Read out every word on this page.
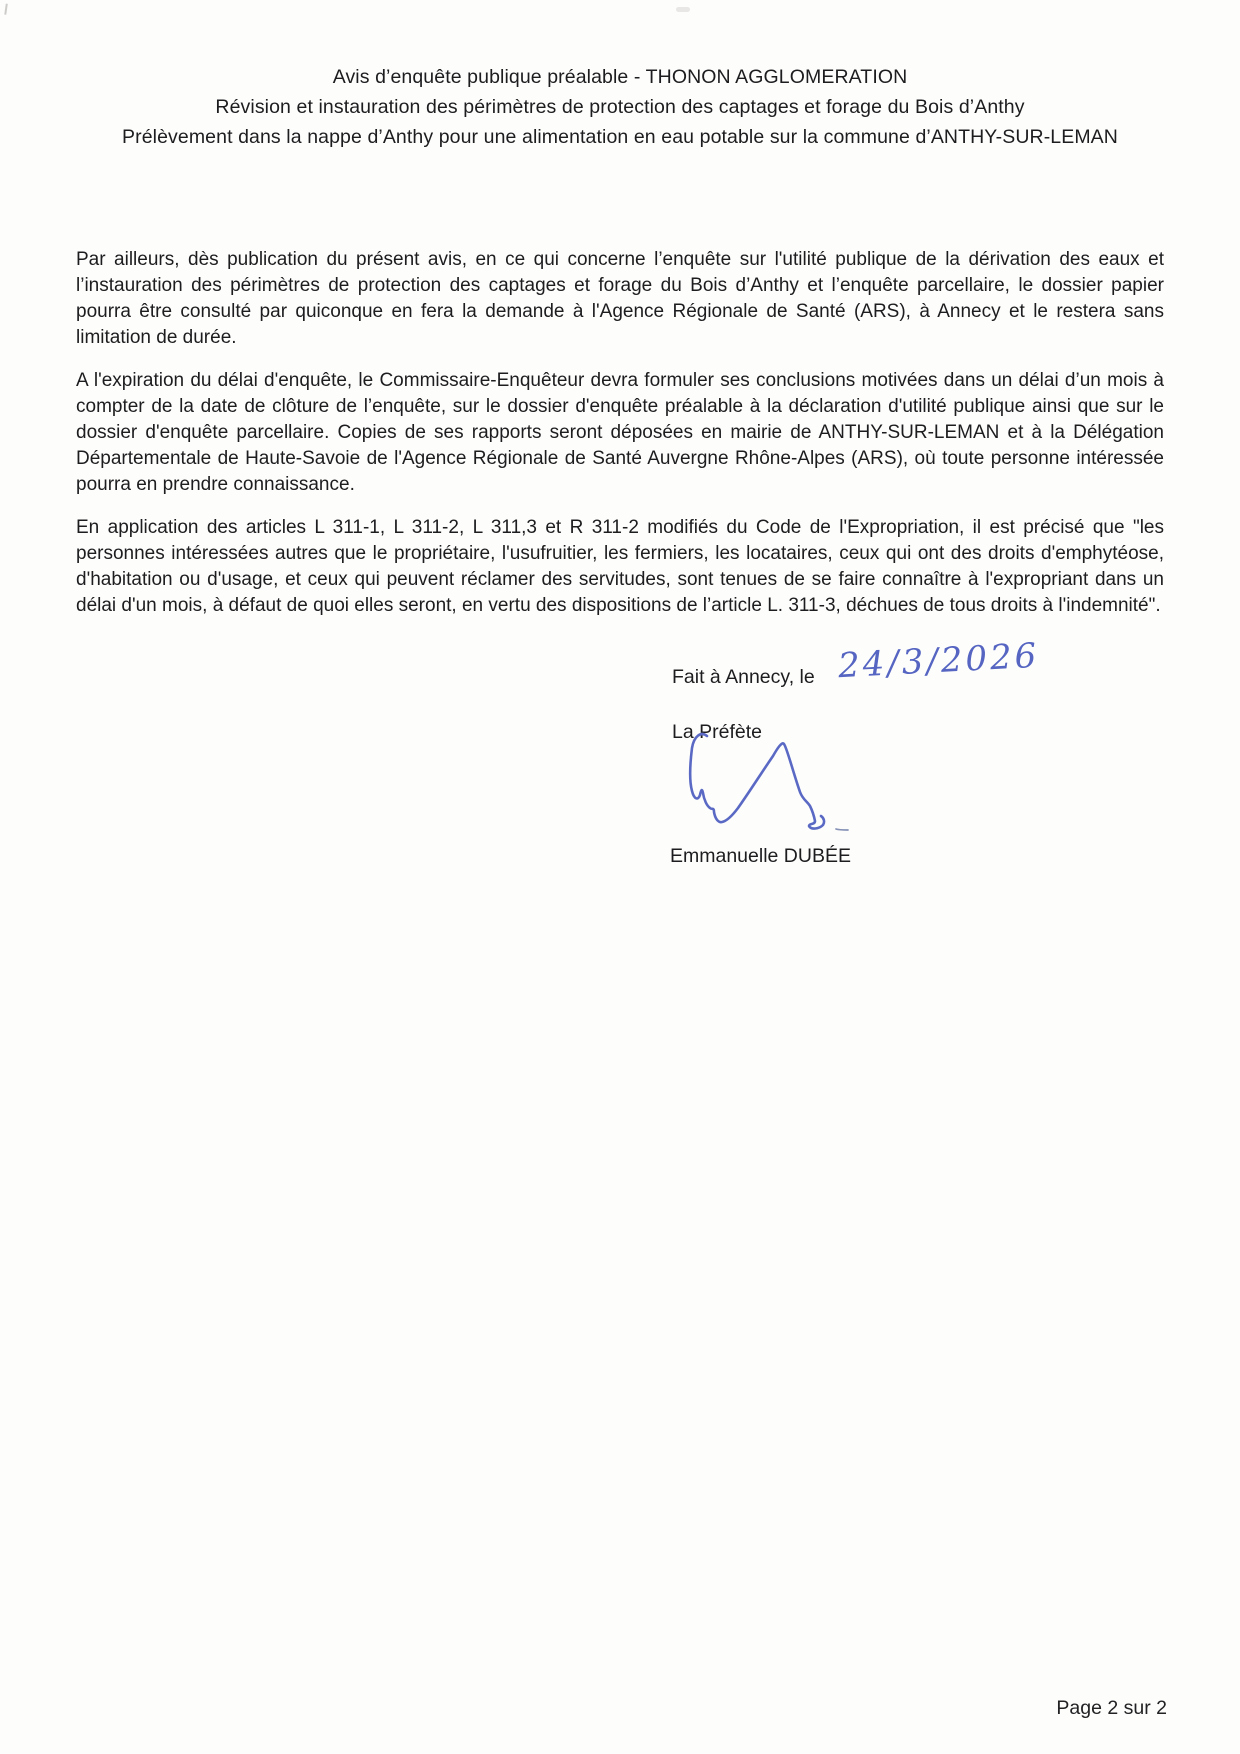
Avis d’enquête publique préalable - THONON AGGLOMERATION
Révision et instauration des périmètres de protection des captages et forage du Bois d’Anthy
Prélèvement dans la nappe d’Anthy pour une alimentation en eau potable sur la commune d’ANTHY-SUR-LEMAN

Par ailleurs, dès publication du présent avis, en ce qui concerne l’enquête sur l'utilité publique de la dérivation des eaux et l’instauration des périmètres de protection des captages et forage du Bois d’Anthy et l’enquête parcellaire, le dossier papier pourra être consulté par quiconque en fera la demande à l'Agence Régionale de Santé (ARS), à Annecy et le restera sans limitation de durée.

A l'expiration du délai d'enquête, le Commissaire-Enquêteur devra formuler ses conclusions motivées dans un délai d’un mois à compter de la date de clôture de l’enquête, sur le dossier d'enquête préalable à la déclaration d'utilité publique ainsi que sur le dossier d'enquête parcellaire. Copies de ses rapports seront déposées en mairie de ANTHY-SUR-LEMAN et à la Délégation Départementale de Haute-Savoie de l'Agence Régionale de Santé Auvergne Rhône-Alpes (ARS), où toute personne intéressée pourra en prendre connaissance.

En application des articles L 311-1, L 311-2, L 311,3 et R 311-2 modifiés du Code de l'Expropriation, il est précisé que "les personnes intéressées autres que le propriétaire, l'usufruitier, les fermiers, les locataires, ceux qui ont des droits d'emphytéose, d'habitation ou d'usage, et ceux qui peuvent réclamer des servitudes, sont tenues de se faire connaître à l'expropriant dans un délai d'un mois, à défaut de quoi elles seront, en vertu des dispositions de l’article L. 311-3, déchues de tous droits à l'indemnité".

Fait à Annecy, le 24/3/2026
La Préfète
Emmanuelle DUBÉE
Page 2 sur 2
